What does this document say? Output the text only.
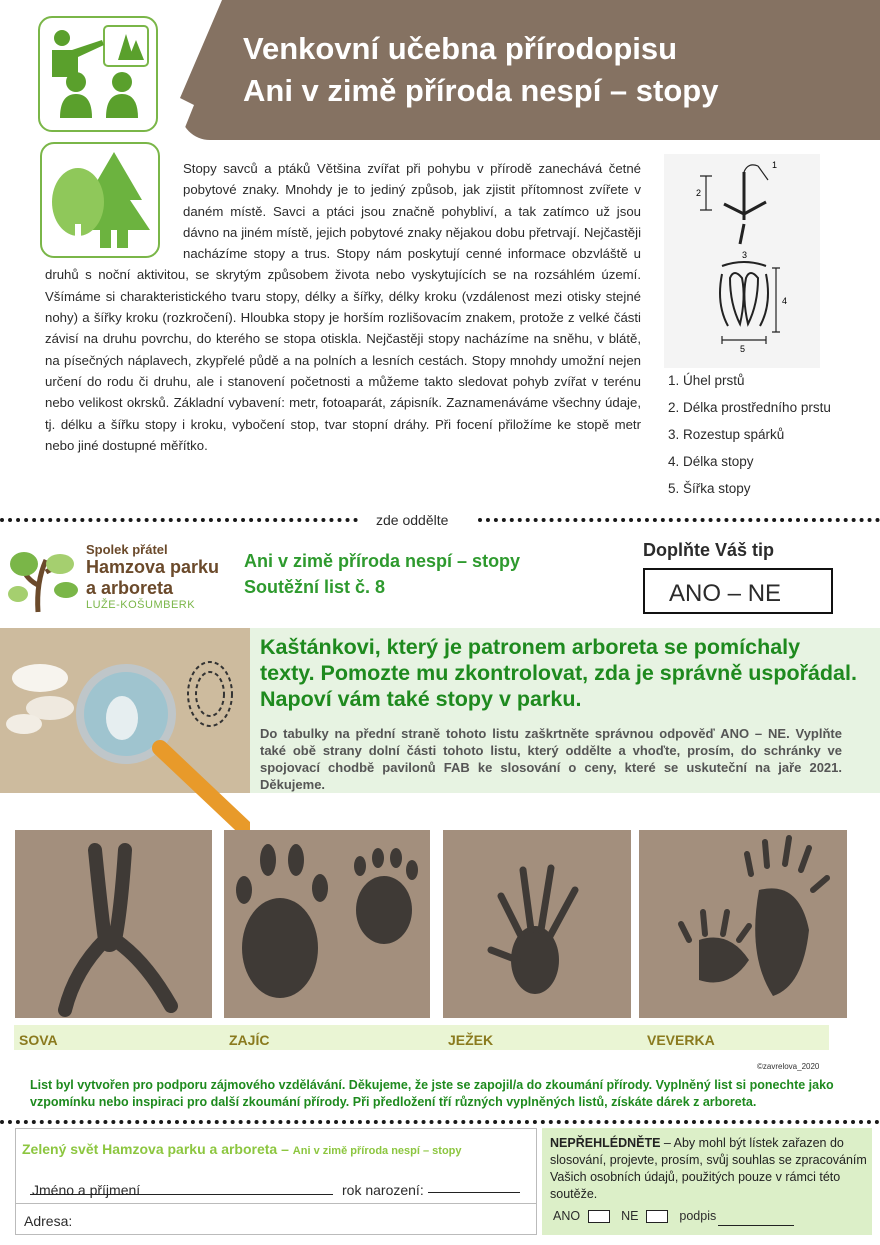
Venkovní učebna přírodopisu
Ani v zimě příroda nespí – stopy
Stopy savců a ptáků Většina zvířat při pohybu v přírodě zanechává četné pobytové znaky. Mnohdy je to jediný způsob, jak zjistit přítomnost zvířete v daném místě. Savci a ptáci jsou značně pohybliví, a tak zatímco už jsou dávno na jiném místě, jejich pobytové znaky nějakou dobu přetrvají. Nejčastěji nacházíme stopy a trus. Stopy nám poskytují cenné informace obzvláště u druhů s noční aktivitou, se skrytým způsobem života nebo vyskytujících se na rozsáhlém území. Všímáme si charakteristického tvaru stopy, délky a šířky, délky kroku (vzdálenost mezi otisky stejné nohy) a šířky kroku (rozkročení). Hloubka stopy je horším rozlišovacím znakem, protože z velké části závisí na druhu povrchu, do kterého se stopa otiskla. Nejčastěji stopy nacházíme na sněhu, v blátě, na písečných náplavech, zkypřelé půdě a na polních a lesních cestách. Stopy mnohdy umožní nejen určení do rodu či druhu, ale i stanovení početnosti a můžeme takto sledovat pohyb zvířat v terénu nebo velikost okrsků. Základní vybavení: metr, fotoaparát, zápisník. Zaznamenáváme všechny údaje, tj. délku a šířku stopy i kroku, vybočení stop, tvar stopní dráhy. Při focení přiložíme ke stopě metr nebo jiné dostupné měřítko.
1
2
3
4
5
1. Úhel prstů
2. Délka prostředního prstu
3. Rozestup spárků
4. Délka stopy
5. Šířka stopy
zde oddělte
Spolek přátel
Hamzova parku
a arboreta
LUŽE-KOŠUMBERK
Ani v zimě příroda nespí – stopy
Soutěžní list č. 8
Doplňte Váš tip
ANO – NE
Kaštánkovi, který je patronem arboreta se pomíchaly texty. Pomozte mu zkontrolovat, zda je správně uspořádal. Napoví vám také stopy v parku.
Do tabulky na přední straně tohoto listu zaškrtněte správnou odpověď ANO – NE. Vyplňte také obě strany dolní části tohoto listu, který oddělte a vhoďte, prosím, do schránky ve spojovací chodbě pavilonů FAB ke slosování o ceny, které se uskuteční na jaře 2021. Děkujeme.
SOVA	ZAJÍC	JEŽEK	VEVERKA
©zavrelova_2020
List byl vytvořen pro podporu zájmového vzdělávání. Děkujeme, že jste se zapojil/a do zkoumání přírody. Vyplněný list si ponechte jako vzpomínku nebo inspiraci pro další zkoumání přírody. Při předložení tří různých vyplněných listů, získáte dárek z arboreta.
Zelený svět Hamzova parku a arboreta – Ani v zimě příroda nespí – stopy
Jméno a příjmení	rok narození:
Adresa:
NEPŘEHLÉDNĚTE – Aby mohl být lístek zařazen do slosování, projevte, prosím, svůj souhlas se zpracováním Vašich osobních údajů, použitých pouze v rámci této soutěže.
ANO	NE	podpis
